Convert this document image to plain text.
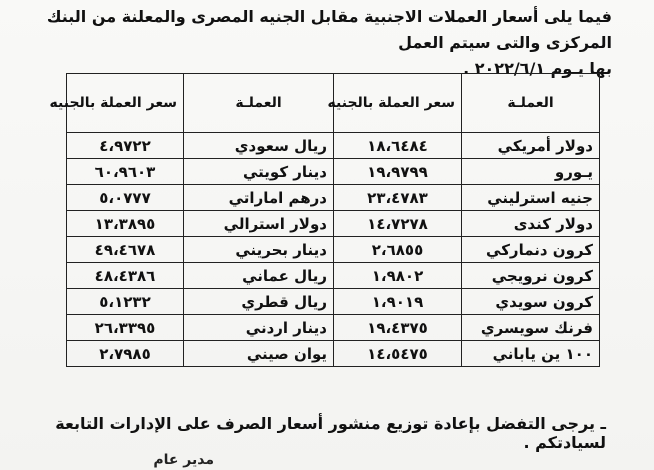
فيما يلى أسعار العملات الاجنبية مقابل الجنيه المصرى والمعلنة من البنك المركزى والتى سيتم العمل
بها يـوم ٢٠٢٢/٦/١ .
العملـة	سعر العملة بالجنيه	العملـة	سعر العملة بالجنيه
دولار أمريكي	١٨،٦٤٨٤	ريال سعودي	٤،٩٧٢٢
يـورو	١٩،٩٧٩٩	دينار كويتي	٦٠،٩٦٠٣
جنيه استرليني	٢٣،٤٧٨٣	درهم اماراتي	٥،٠٧٧٧
دولار كندى	١٤،٧٢٧٨	دولار استرالي	١٣،٣٨٩٥
كرون دنماركي	٢،٦٨٥٥	دينار بحريني	٤٩،٤٦٧٨
كرون نرويجي	١،٩٨٠٢	ريال عماني	٤٨،٤٣٨٦
كرون سويدي	١،٩٠١٩	ريال قطري	٥،١٢٣٢
فرنك سويسري	١٩،٤٣٧٥	دينار اردني	٢٦،٣٣٩٥
١٠٠ ين ياباني	١٤،٥٤٧٥	يوان صيني	٢،٧٩٨٥
ـ يرجى التفضل بإعادة توزيع منشور أسعار الصرف على الإدارات التابعة لسيادتكم .
مدير عام
